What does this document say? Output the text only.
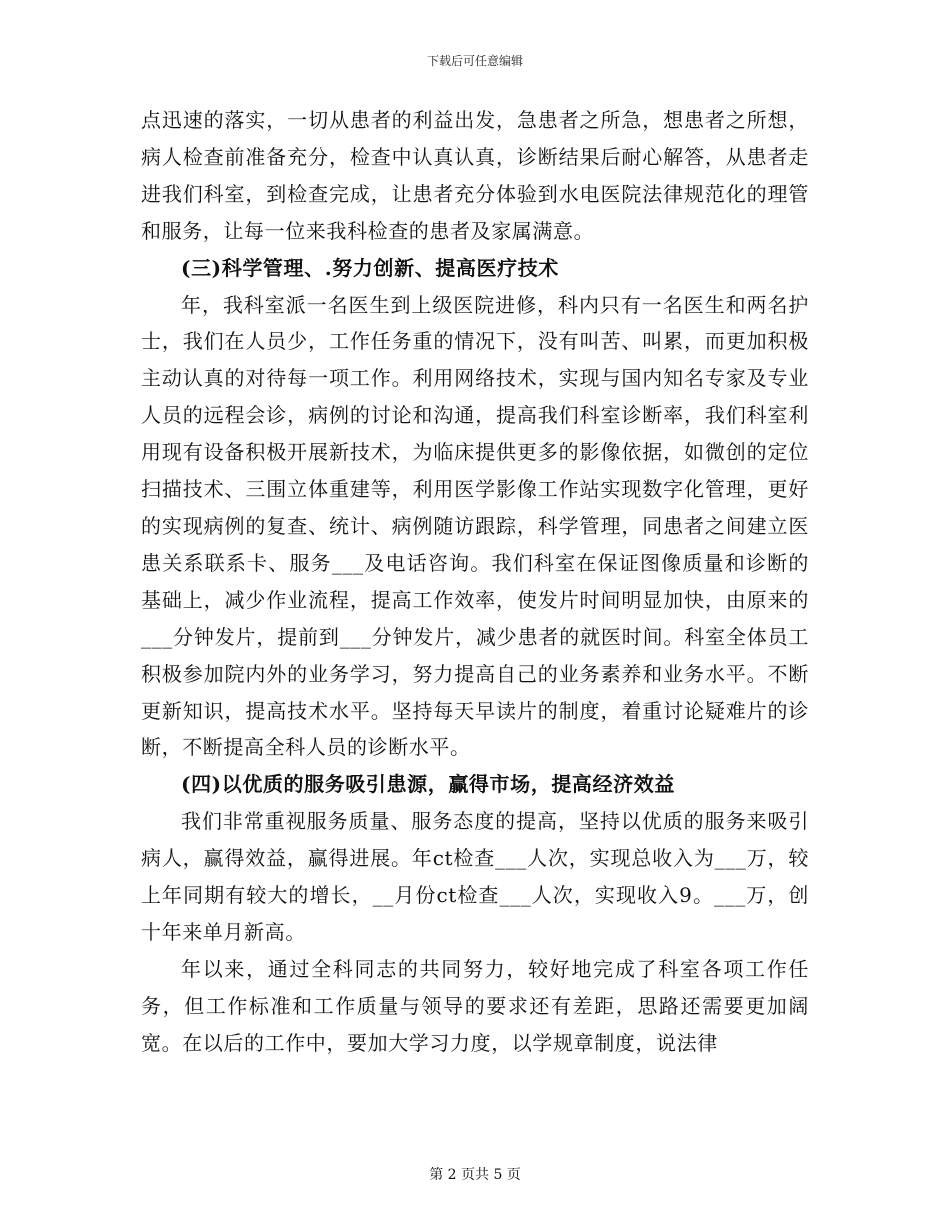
下载后可任意编辑

点迅速的落实，一切从患者的利益出发，急患者之所急，想患者之所想，病人检查前准备充分，检查中认真认真，诊断结果后耐心解答，从患者走进我们科室，到检查完成，让患者充分体验到水电医院法律规范化的理管和服务，让每一位来我科检查的患者及家属满意。

(三)科学管理、.努力创新、提高医疗技术

年，我科室派一名医生到上级医院进修，科内只有一名医生和两名护士，我们在人员少，工作任务重的情况下，没有叫苦、叫累，而更加积极主动认真的对待每一项工作。利用网络技术，实现与国内知名专家及专业人员的远程会诊，病例的讨论和沟通，提高我们科室诊断率，我们科室利用现有设备积极开展新技术，为临床提供更多的影像依据，如微创的定位扫描技术、三围立体重建等，利用医学影像工作站实现数字化管理，更好的实现病例的复查、统计、病例随访跟踪，科学管理，同患者之间建立医患关系联系卡、服务___及电话咨询。我们科室在保证图像质量和诊断的基础上，减少作业流程，提高工作效率，使发片时间明显加快，由原来的___分钟发片，提前到___分钟发片，减少患者的就医时间。科室全体员工积极参加院内外的业务学习，努力提高自己的业务素养和业务水平。不断更新知识，提高技术水平。坚持每天早读片的制度，着重讨论疑难片的诊断，不断提高全科人员的诊断水平。

(四)以优质的服务吸引患源，赢得市场，提高经济效益

我们非常重视服务质量、服务态度的提高，坚持以优质的服务来吸引病人，赢得效益，赢得进展。年ct检查___人次，实现总收入为___万，较上年同期有较大的增长，__月份ct检查___人次，实现收入9。___万，创十年来单月新高。

年以来，通过全科同志的共同努力，较好地完成了科室各项工作任务，但工作标准和工作质量与领导的要求还有差距，思路还需要更加阔宽。在以后的工作中，要加大学习力度，以学规章制度，说法律

第 2 页共 5 页
